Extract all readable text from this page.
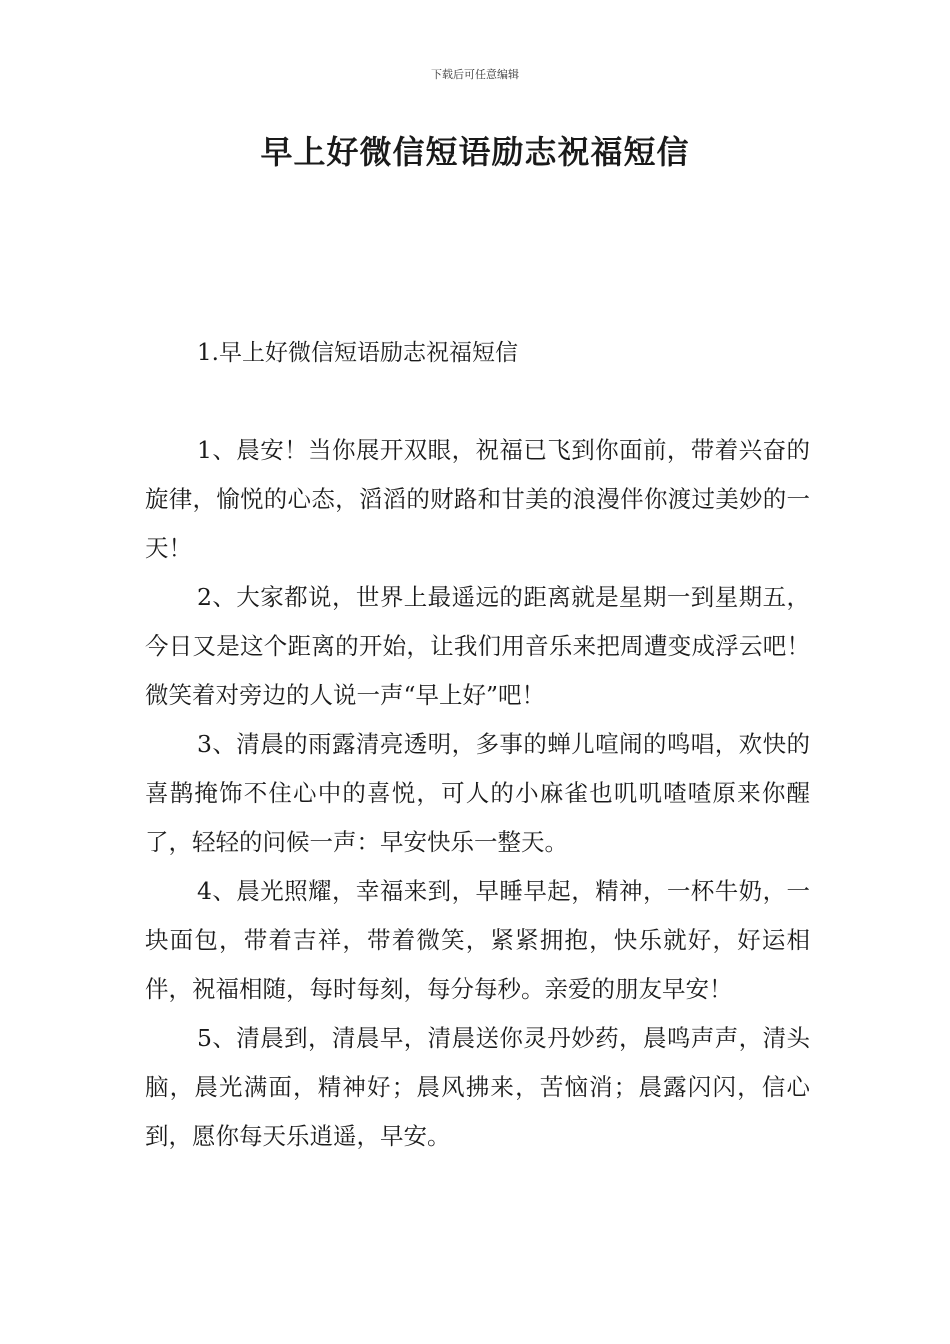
下载后可任意编辑
早上好微信短语励志祝福短信
1.早上好微信短语励志祝福短信

1、晨安！当你展开双眼，祝福已飞到你面前，带着兴奋的旋律，愉悦的心态，滔滔的财路和甘美的浪漫伴你渡过美妙的一天！

2、大家都说，世界上最遥远的距离就是星期一到星期五，今日又是这个距离的开始，让我们用音乐来把周遭变成浮云吧！微笑着对旁边的人说一声“早上好”吧！

3、清晨的雨露清亮透明，多事的蝉儿喧闹的鸣唱，欢快的喜鹊掩饰不住心中的喜悦，可人的小麻雀也叽叽喳喳原来你醒了，轻轻的问候一声：早安快乐一整天。

4、晨光照耀，幸福来到，早睡早起，精神，一杯牛奶，一块面包，带着吉祥，带着微笑，紧紧拥抱，快乐就好，好运相伴，祝福相随，每时每刻，每分每秒。亲爱的朋友早安！

5、清晨到，清晨早，清晨送你灵丹妙药，晨鸣声声，清头脑，晨光满面，精神好；晨风拂来，苦恼消；晨露闪闪，信心到，愿你每天乐逍遥，早安。
